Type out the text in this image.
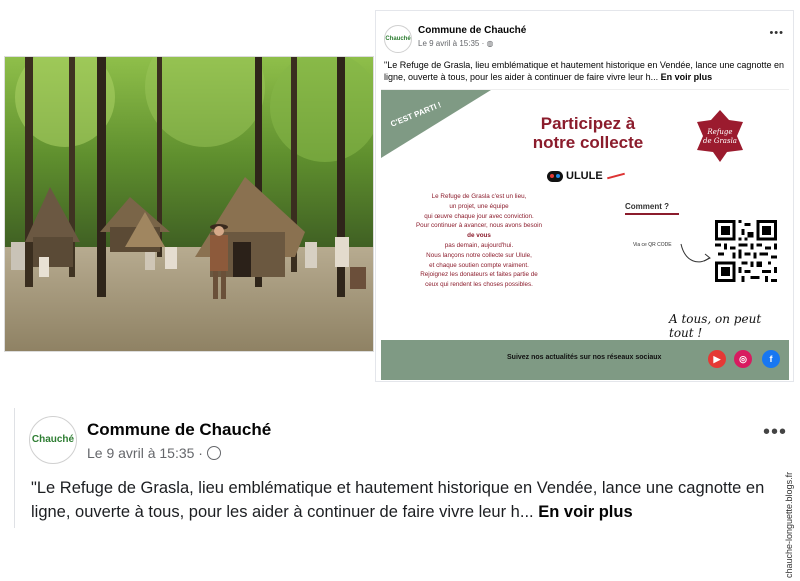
Chauché
Commune de Chauché
Le 9 avril à 15:35 · ◍
•••
"Le Refuge de Grasla, lieu emblématique et hautement historique en Vendée, lance une cagnotte en ligne, ouverte à tous, pour les aider à continuer de faire vivre leur h... En voir plus
C'EST PARTI !	Participez à notre collecte
ULULE
Le Refuge de Grasla c'est un lieu,
un projet, une équipe
qui œuvre chaque jour avec conviction.
Pour continuer à avancer, nous avons besoin
de vous
pas demain, aujourd'hui.
Nous lançons notre collecte sur Ulule,
et chaque soutien compte vraiment.
Rejoignez les donateurs et faites partie de
ceux qui rendent les choses possibles.
Refuge
de Grasla
Comment ?
Via ce QR CODE
A tous, on peut tout !
Suivez nos actualités sur nos réseaux sociaux	▶	◎	f
Chauché
Commune de Chauché
Le 9 avril à 15:35 ·
•••
"Le Refuge de Grasla, lieu emblématique et hautement historique en Vendée, lance une cagnotte en ligne, ouverte à tous, pour les aider à continuer de faire vivre leur h... En voir plus	chauche-longuette.blogs.fr
